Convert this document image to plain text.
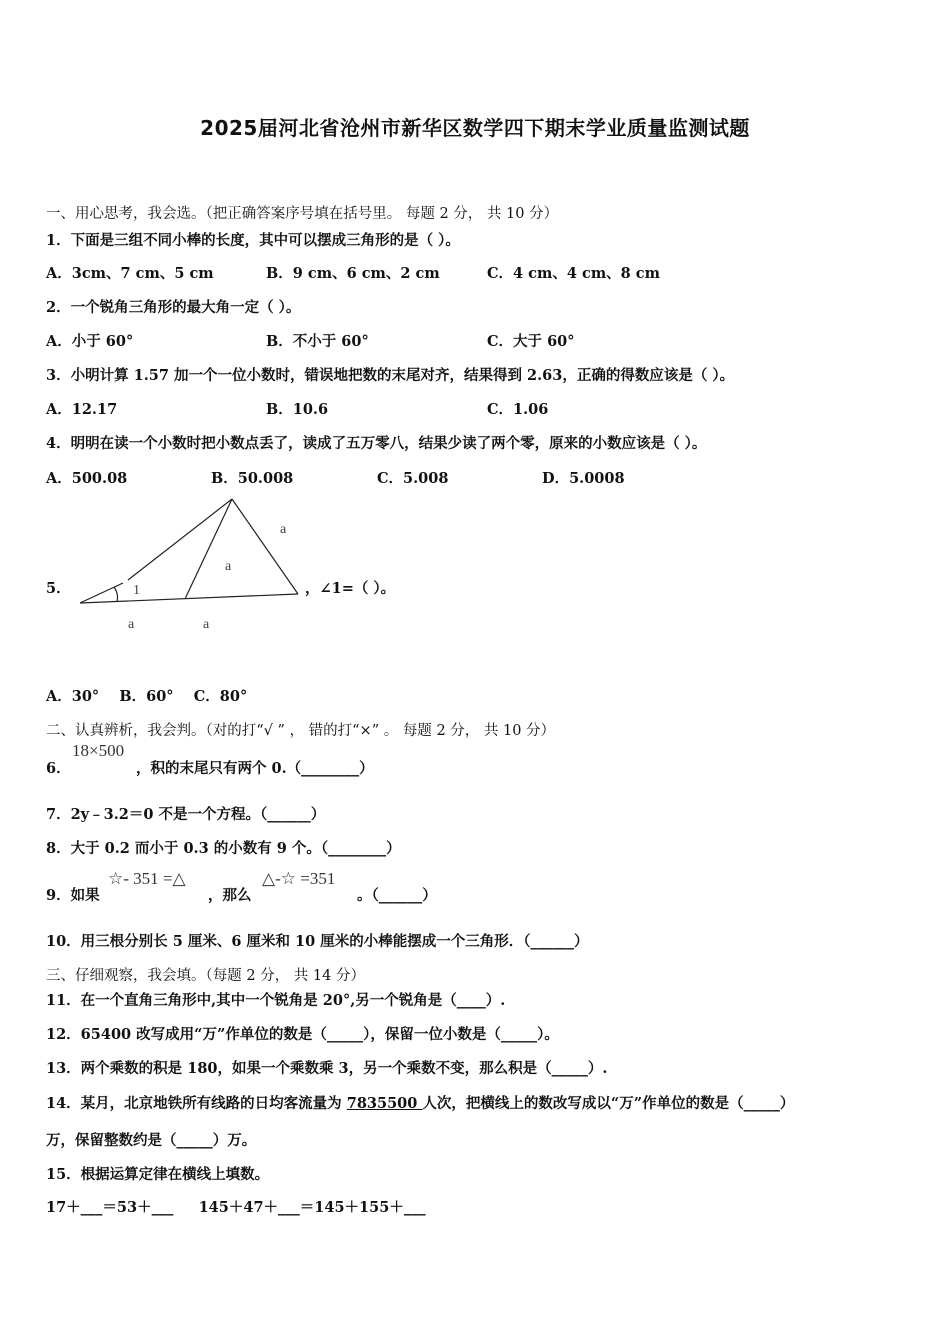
2025届河北省沧州市新华区数学四下期末学业质量监测试题
一、用心思考，我会选。（把正确答案序号填在括号里。 每题 2 分， 共 10 分）
1．下面是三组不同小棒的长度，其中可以摆成三角形的是（ ）。
A．3cm、7 cm、5 cm	B．9 cm、6 cm、2 cm	C．4 cm、4 cm、8 cm
2．一个锐角三角形的最大角一定（ ）。
A．小于 60°	B．不小于 60°	C．大于 60°
3．小明计算 1.57 加一个一位小数时，错误地把数的末尾对齐，结果得到 2.63，正确的得数应该是（ ）。
A．12.17	B．10.6	C．1.06
4．明明在读一个小数时把小数点丢了，读成了五万零八，结果少读了两个零，原来的小数应该是（ ）。
A．500.08	B．50.008	C．5.008	D．5.0008
5．
a
a
1
a	a
，∠1=（ ）。
A．30°    B．60°    C．80°
二、认真辨析，我会判。（对的打“√ ” ， 错的打“×” 。 每题 2 分， 共 10 分）
6．
18×500
，积的末尾只有两个 0.（________）
7．2y﹣3.2＝0 不是一个方程。（______）
8．大于 0.2 而小于 0.3 的小数有 9 个。（________）
9．如果
☆- 351 =△
，那么
△-☆ =351
。（______）
10．用三根分别长 5 厘米、6 厘米和 10 厘米的小棒能摆成一个三角形．（______）
三、仔细观察，我会填。（每题 2 分， 共 14 分）
11．在一个直角三角形中,其中一个锐角是 20°,另一个锐角是（____）.
12．65400 改写成用“万”作单位的数是（_____），保留一位小数是（_____）。
13．两个乘数的积是 180，如果一个乘数乘 3，另一个乘数不变，那么积是（_____）.
14．某月，北京地铁所有线路的日均客流量为 7835500 人次，把横线上的数改写成以“万”作单位的数是（_____）
万，保留整数约是（_____）万。
15．根据运算定律在横线上填数。
17＋___＝53＋___     145＋47＋___＝145＋155＋___
